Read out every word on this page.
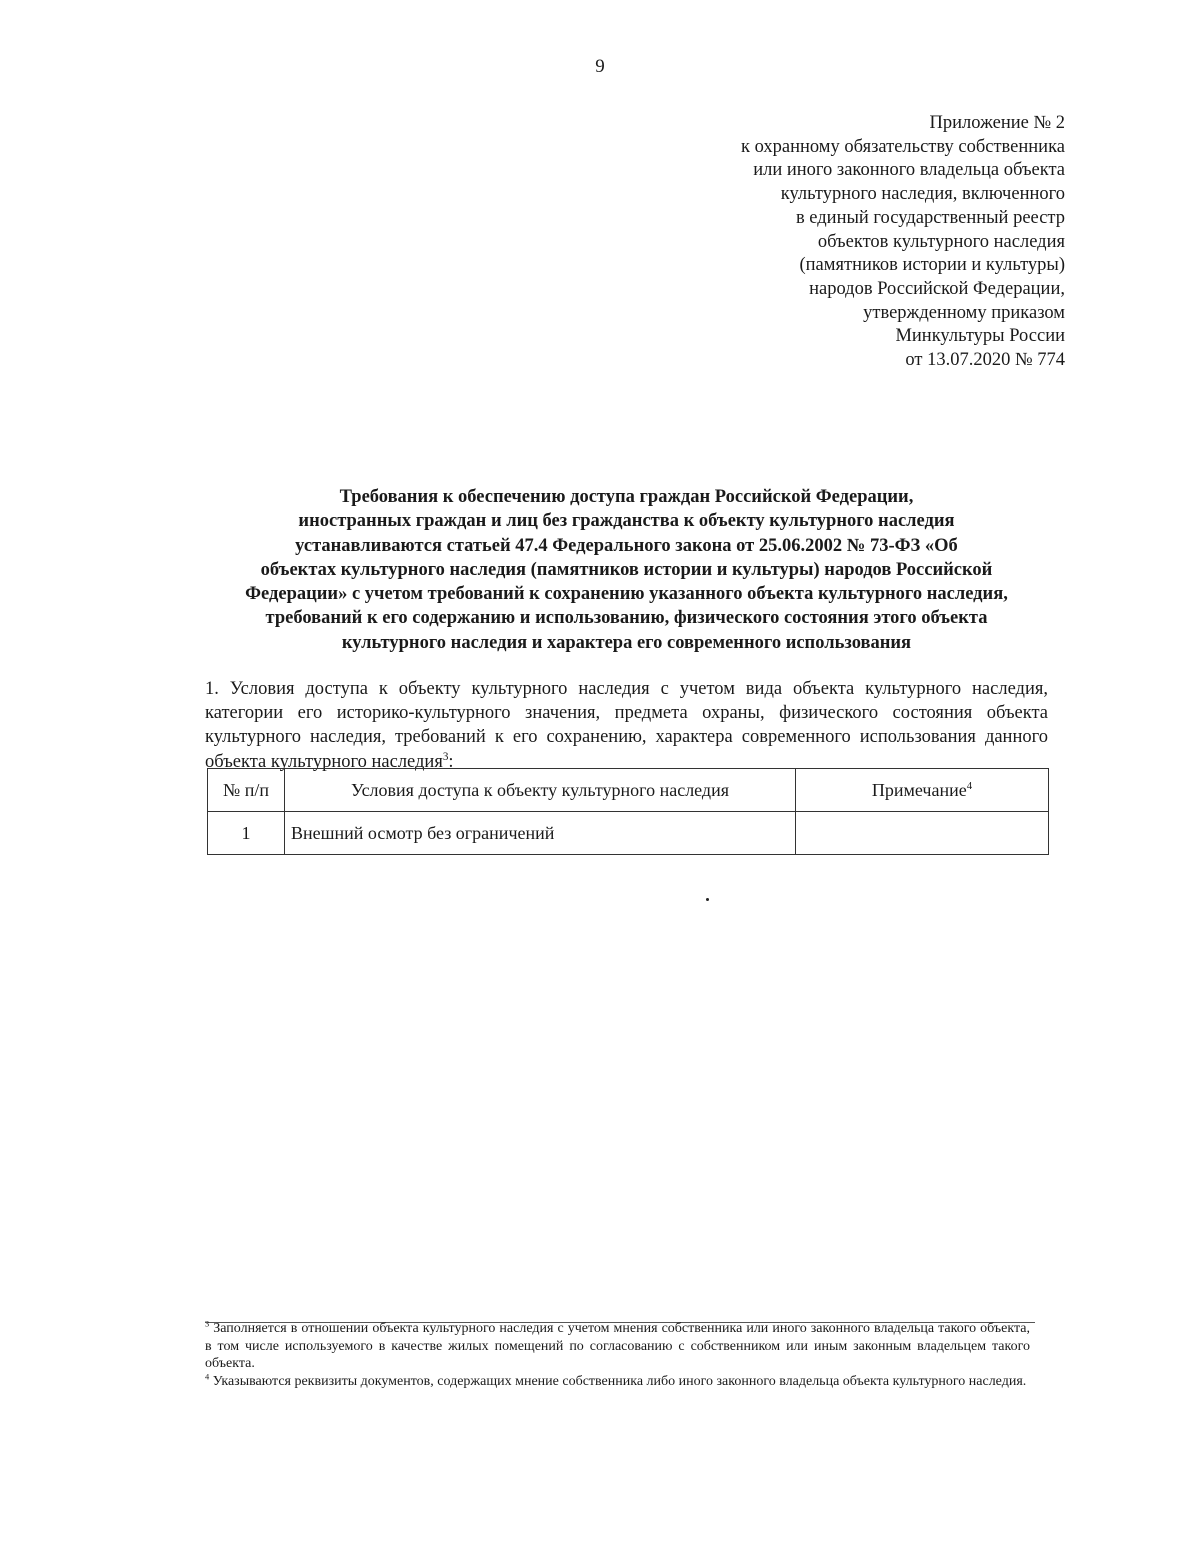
9
Приложение № 2
к охранному обязательству собственника
или иного законного владельца объекта
культурного наследия, включенного
в единый государственный реестр
объектов культурного наследия
(памятников истории и культуры)
народов Российской Федерации,
утвержденному приказом
Минкультуры России
от 13.07.2020 № 774
Требования к обеспечению доступа граждан Российской Федерации,
иностранных граждан и лиц без гражданства к объекту культурного наследия
устанавливаются статьей 47.4 Федерального закона от 25.06.2002 № 73-ФЗ «Об
объектах культурного наследия (памятников истории и культуры) народов Российской
Федерации» с учетом требований к сохранению указанного объекта культурного наследия,
требований к его содержанию и использованию, физического состояния этого объекта
культурного наследия и характера его современного использования
1. Условия доступа к объекту культурного наследия с учетом вида объекта культурного наследия, категории его историко-культурного значения, предмета охраны, физического состояния объекта культурного наследия, требований к его сохранению, характера современного использования данного объекта культурного наследия$^3$:
№ п/п	Условия доступа к объекту культурного наследия	Примечание$^4$
1	Внешний осмотр без ограничений	
$^3$ Заполняется в отношении объекта культурного наследия с учетом мнения собственника или иного законного владельца такого объекта, в том числе используемого в качестве жилых помещений по согласованию с собственником или иным законным владельцем такого объекта.
$^4$ Указываются реквизиты документов, содержащих мнение собственника либо иного законного владельца объекта культурного наследия.
